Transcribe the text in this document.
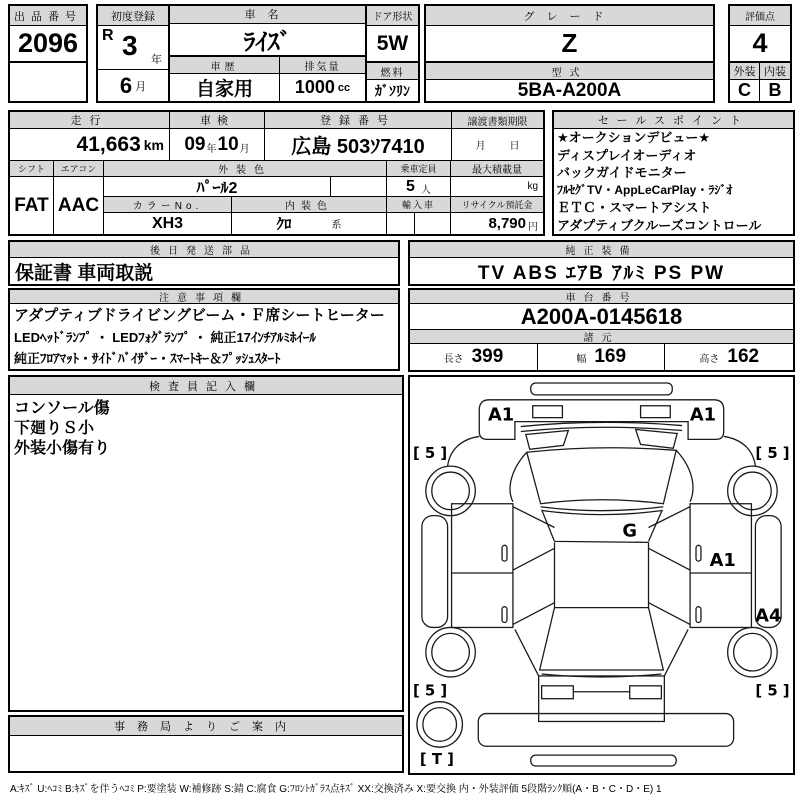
出品番号
2096
初度登録
R 3 年
6 月
車名
ﾗｲｽﾞ
車歴
自家用
排気量
1000 cc
ドア形状
5W
燃料
ｶﾞｿﾘﾝ
グレード
Z
型式
5BA-A200A
評価点
4
外装 内装
C B
走行	車検	登録番号	譲渡書類期限
41,663 km 09 年 10 月	広島 503ｿ7410	月 日
シフト
FAT
エアコン
AAC
外装色
ﾊﾟｰﾙ2
カラーNo.	内装色
XH3	ｸﾛ	系
乗車定員
5 人
輸入車
最大積載量
kg
リサイクル預託金
8,790 円
セールスポイント
★オークションデビュー★
ディスプレイオーディオ
バックガイドモニター
ﾌﾙｾｸﾞTV・AppLeCarPlay・ﾗｼﾞｵ
ＥＴＣ・スマートアシスト
アダプティブクルーズコントロール
後日発送部品
保証書 車両取説
純正装備
TV ABS ｴｱB ｱﾙﾐ PS PW
注意事項欄
アダプティブドライビングビーム・Ｆ席シートヒーター
LEDﾍｯﾄﾞﾗﾝﾌﾟ ・ LEDﾌｫｸﾞﾗﾝﾌﾟ ・ 純正17ｲﾝﾁｱﾙﾐﾎｲｰﾙ
純正ﾌﾛｱﾏｯﾄ・ｻｲﾄﾞﾊﾞｲｻﾞｰ・ｽﾏｰﾄｷｰ＆ﾌﾟｯｼｭｽﾀｰﾄ
車台番号
A200A-0145618
諸元
長さ 399	幅 169	高さ 162
検査員記入欄
コンソール傷
下廻りＳ小
外装小傷有り
事務局よりご案内
A1	A1
[ 5 ]	[ 5 ]
G
A1
A4
[ 5 ]	[ 5 ]
[ T ]
A:ｷｽﾞ U:ﾍｺﾐ B:ｷｽﾞを伴うﾍｺﾐ P:要塗装 W:補修跡 S:錆 C:腐食 G:ﾌﾛﾝﾄｶﾞﾗｽ点ｷｽﾞ XX:交換済み X:要交換 内・外装評価 5段階ﾗﾝｸ順(A・B・C・D・E) 1
